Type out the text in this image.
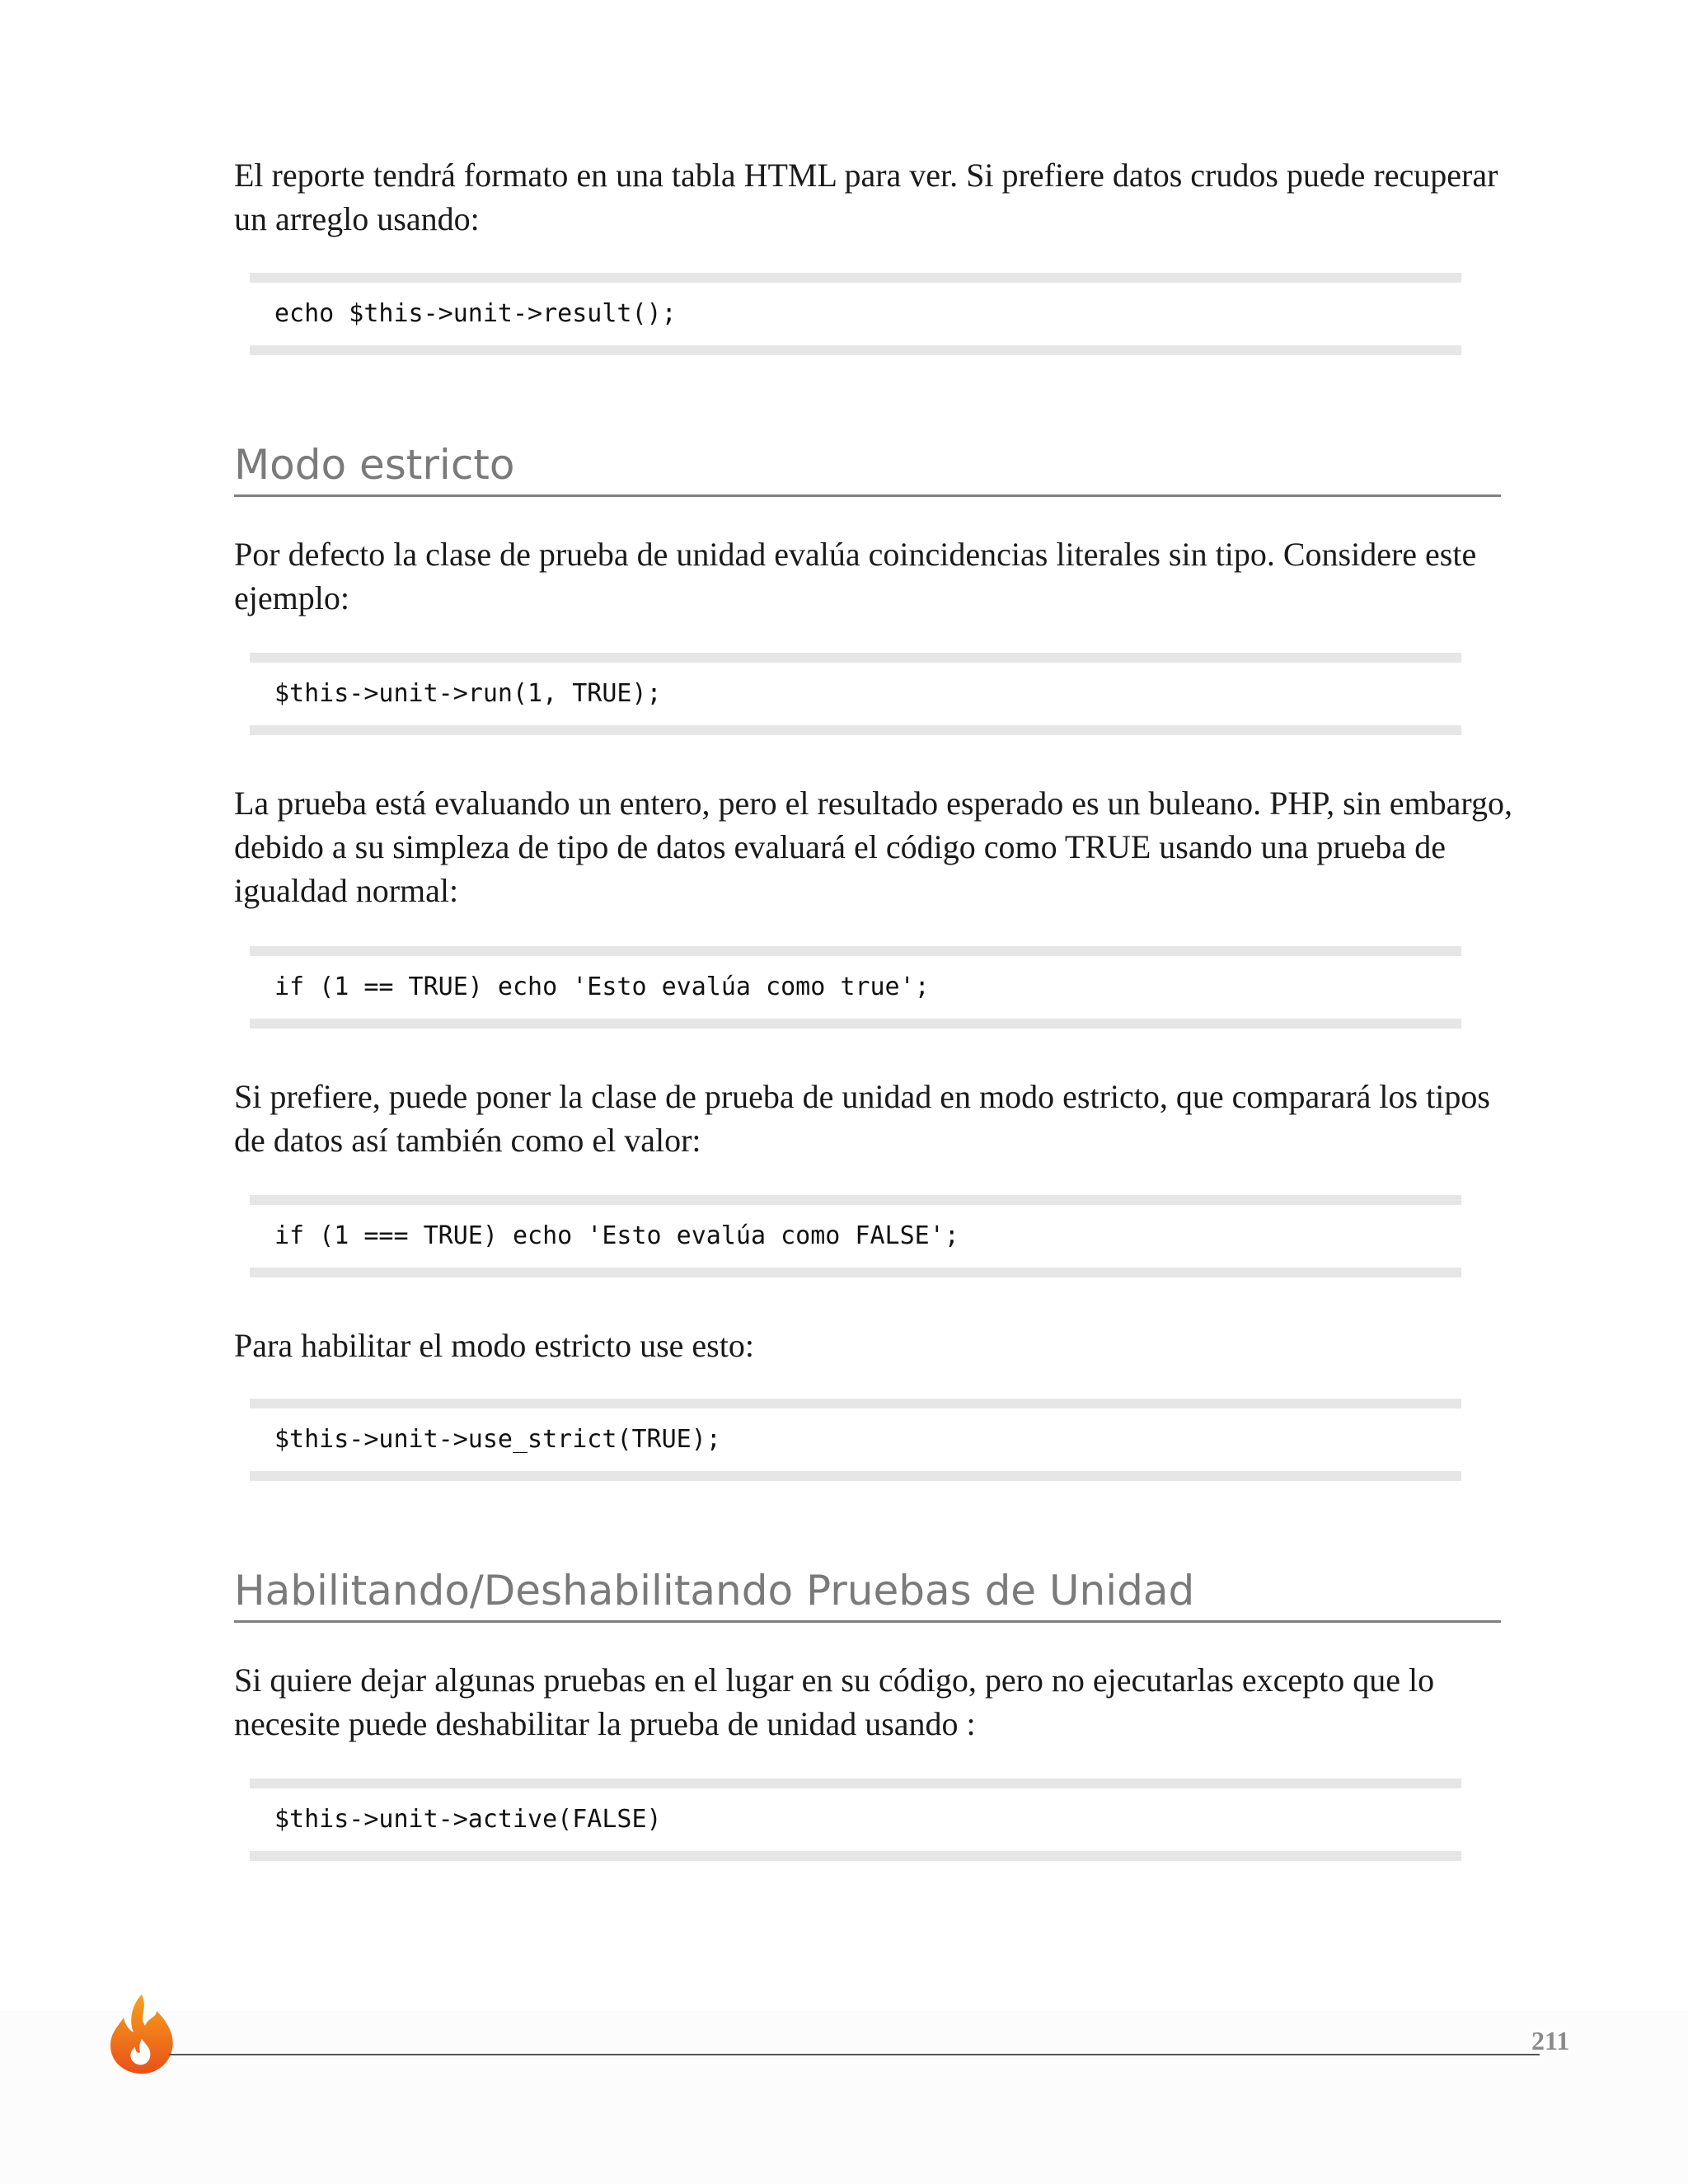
El reporte tendrá formato en una tabla HTML para ver. Si prefiere datos crudos puede recuperar un arreglo usando:

echo $this->unit->result();
Modo estricto

Por defecto la clase de prueba de unidad evalúa coincidencias literales sin tipo. Considere este ejemplo:

$this->unit->run(1, TRUE);

La prueba está evaluando un entero, pero el resultado esperado es un buleano. PHP, sin embargo, debido a su simpleza de tipo de datos evaluará el código como TRUE usando una prueba de igualdad normal:

if (1 == TRUE) echo 'Esto evalúa como true';

Si prefiere, puede poner la clase de prueba de unidad en modo estricto, que comparará los tipos de datos así también como el valor:

if (1 === TRUE) echo 'Esto evalúa como FALSE';

Para habilitar el modo estricto use esto:

$this->unit->use_strict(TRUE);
Habilitando/Deshabilitando Pruebas de Unidad

Si quiere dejar algunas pruebas en el lugar en su código, pero no ejecutarlas excepto que lo necesite puede deshabilitar la prueba de unidad usando :

$this->unit->active(FALSE)
211
